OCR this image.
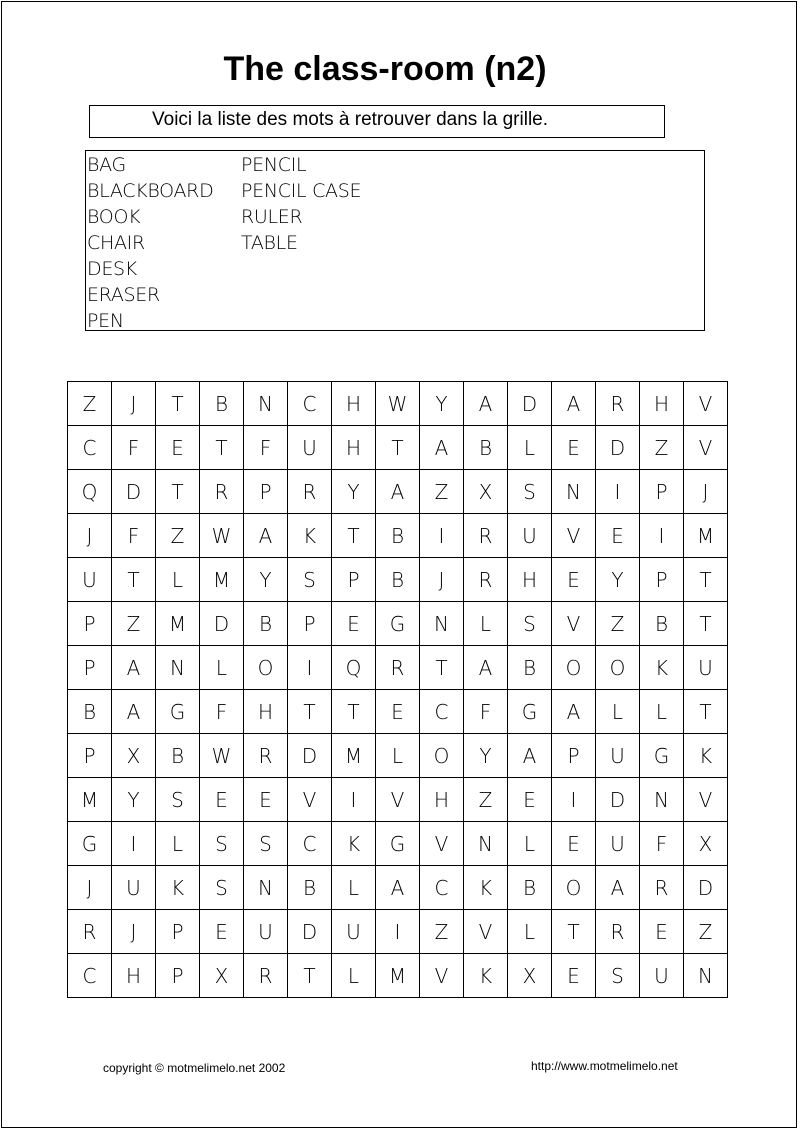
The class-room (n2)
Voici la liste des mots à retrouver dans la grille.
BAG
BLACKBOARD
BOOK
CHAIR
DESK
ERASER
PEN
PENCIL
PENCIL CASE
RULER
TABLE
Z	J	T	B	N	C	H	W	Y	A	D	A	R	H	V
C	F	E	T	F	U	H	T	A	B	L	E	D	Z	V
Q	D	T	R	P	R	Y	A	Z	X	S	N	I	P	J
J	F	Z	W	A	K	T	B	I	R	U	V	E	I	M
U	T	L	M	Y	S	P	B	J	R	H	E	Y	P	T
P	Z	M	D	B	P	E	G	N	L	S	V	Z	B	T
P	A	N	L	O	I	Q	R	T	A	B	O	O	K	U
B	A	G	F	H	T	T	E	C	F	G	A	L	L	T
P	X	B	W	R	D	M	L	O	Y	A	P	U	G	K
M	Y	S	E	E	V	I	V	H	Z	E	I	D	N	V
G	I	L	S	S	C	K	G	V	N	L	E	U	F	X
J	U	K	S	N	B	L	A	C	K	B	O	A	R	D
R	J	P	E	U	D	U	I	Z	V	L	T	R	E	Z
C	H	P	X	R	T	L	M	V	K	X	E	S	U	N
copyright © motmelimelo.net 2002	http://www.motmelimelo.net
